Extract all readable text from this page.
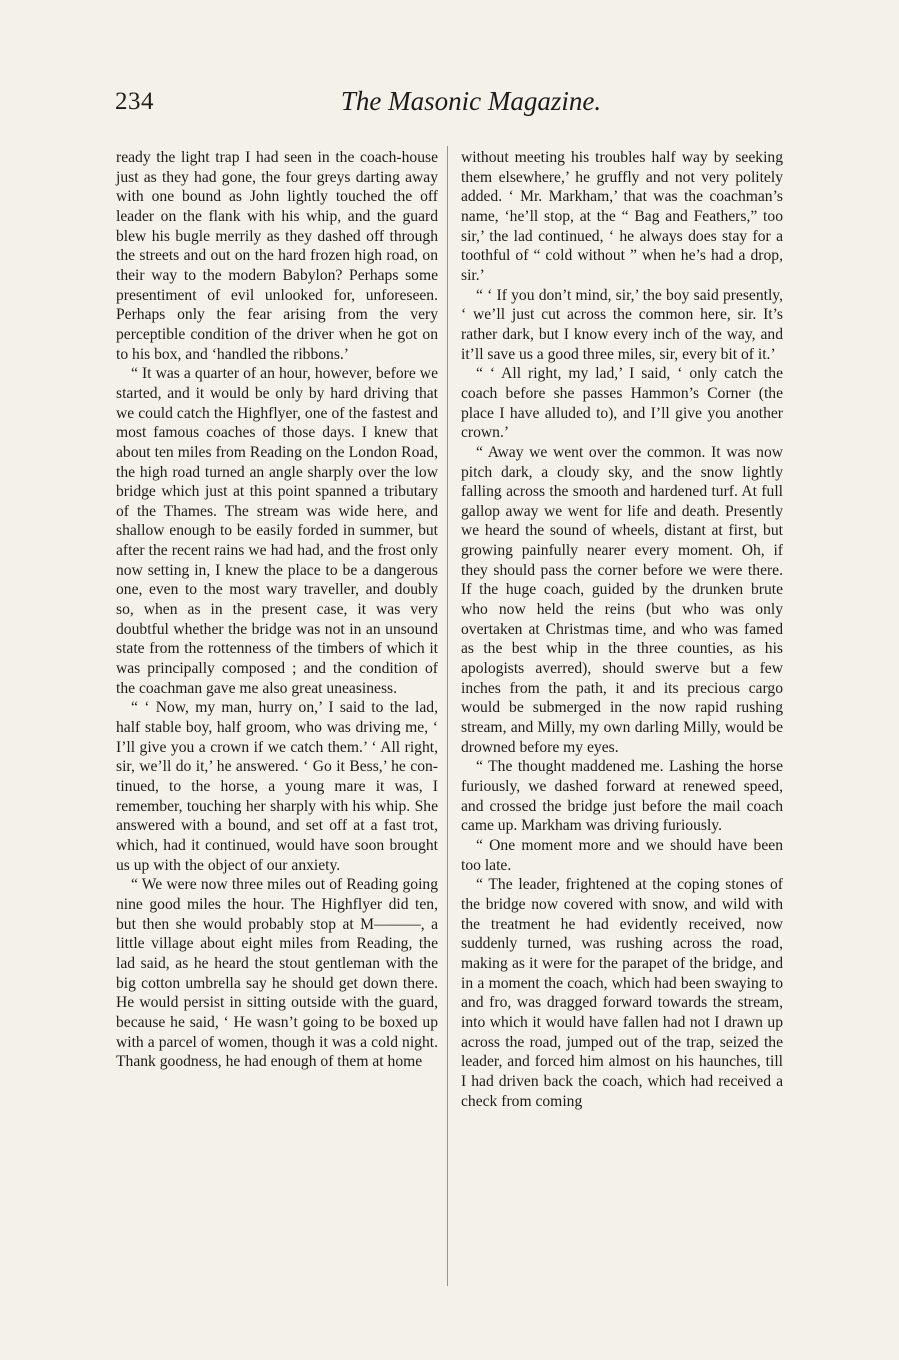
234	The Masonic Magazine.

ready the light trap I had seen in the coach-house just as they had gone, the four greys darting away with one bound as John lightly touched the off leader on the flank with his whip, and the guard blew his bugle merrily as they dashed off through the streets and out on the hard frozen high road, on their way to the modern Babylon? Perhaps some presentiment of evil unlooked for, unforeseen. Perhaps only the fear arising from the very perceptible condition of the driver when he got on to his box, and ‘handled the ribbons.’

“ It was a quarter of an hour, however, before we started, and it would be only by hard driving that we could catch the Highflyer, one of the fastest and most famous coaches of those days. I knew that about ten miles from Reading on the London Road, the high road turned an angle sharply over the low bridge which just at this point spanned a tributary of the Thames. The stream was wide here, and shallow enough to be easily forded in summer, but after the recent rains we had had, and the frost only now setting in, I knew the place to be a dangerous one, even to the most wary traveller, and doubly so, when as in the present case, it was very doubtful whether the bridge was not in an unsound state from the rottenness of the timbers of which it was principally composed ; and the condition of the coachman gave me also great uneasiness.

“ ‘ Now, my man, hurry on,’ I said to the lad, half stable boy, half groom, who was driving me, ‘ I’ll give you a crown if we catch them.’ ‘ All right, sir, we’ll do it,’ he answered. ‘ Go it Bess,’ he continued, to the horse, a young mare it was, I remember, touching her sharply with his whip. She answered with a bound, and set off at a fast trot, which, had it continued, would have soon brought us up with the object of our anxiety.

“ We were now three miles out of Reading going nine good miles the hour. The Highflyer did ten, but then she would probably stop at M———, a little village about eight miles from Reading, the lad said, as he heard the stout gentleman with the big cotton umbrella say he should get down there. He would persist in sitting outside with the guard, because he said, ‘ He wasn’t going to be boxed up with a parcel of women, though it was a cold night. Thank goodness, he had enough of them at home

without meeting his troubles half way by seeking them elsewhere,’ he gruffly and not very politely added. ‘ Mr. Markham,’ that was the coachman’s name, ‘he’ll stop, at the “ Bag and Feathers,” too sir,’ the lad continued, ‘ he always does stay for a toothful of “ cold without ” when he’s had a drop, sir.’

“ ‘ If you don’t mind, sir,’ the boy said presently, ‘ we’ll just cut across the common here, sir. It’s rather dark, but I know every inch of the way, and it’ll save us a good three miles, sir, every bit of it.’

“ ‘ All right, my lad,’ I said, ‘ only catch the coach before she passes Hammon’s Corner (the place I have alluded to), and I’ll give you another crown.’

“ Away we went over the common. It was now pitch dark, a cloudy sky, and the snow lightly falling across the smooth and hardened turf. At full gallop away we went for life and death. Presently we heard the sound of wheels, distant at first, but growing painfully nearer every moment. Oh, if they should pass the corner before we were there. If the huge coach, guided by the drunken brute who now held the reins (but who was only overtaken at Christmas time, and who was famed as the best whip in the three counties, as his apologists averred), should swerve but a few inches from the path, it and its precious cargo would be submerged in the now rapid rushing stream, and Milly, my own darling Milly, would be drowned before my eyes.

“ The thought maddened me. Lashing the horse furiously, we dashed forward at renewed speed, and crossed the bridge just before the mail coach came up. Markham was driving furiously.

“ One moment more and we should have been too late.

“ The leader, frightened at the coping stones of the bridge now covered with snow, and wild with the treatment he had evidently received, now suddenly turned, was rushing across the road, making as it were for the parapet of the bridge, and in a moment the coach, which had been swaying to and fro, was dragged forward towards the stream, into which it would have fallen had not I drawn up across the road, jumped out of the trap, seized the leader, and forced him almost on his haunches, till I had driven back the coach, which had received a check from coming
